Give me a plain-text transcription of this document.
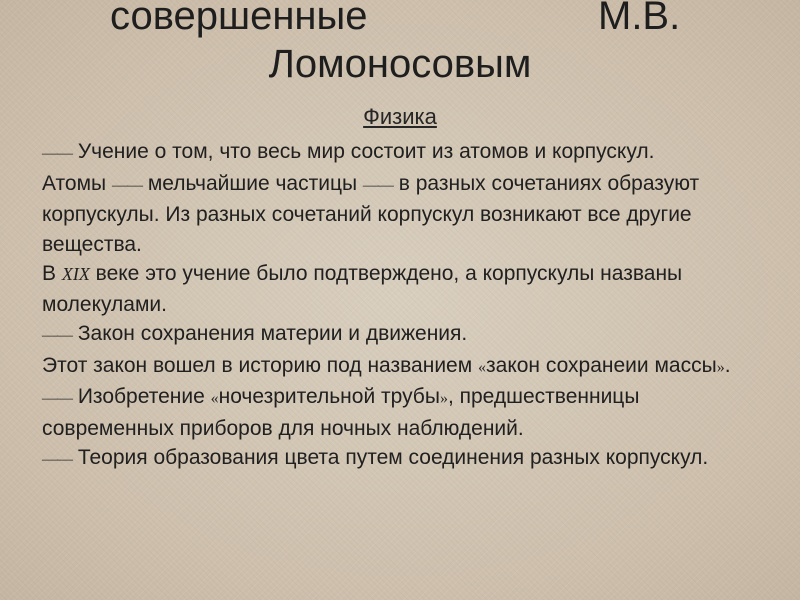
совершенные	М.В.
Ломоносовым
Физика

—— Учение о том, что весь мир состоит из атомов и корпускул.

Атомы —— мельчайшие частицы —— в разных сочетаниях образуют корпускулы. Из разных сочетаний корпускул возникают все другие вещества.

В XIX веке это учение было подтверждено, а корпускулы названы молекулами.

—— Закон сохранения материи и движения.

Этот закон вошел в историю под названием «закон сохранеии массы».

—— Изобретение «ночезрительной трубы», предшественницы современных приборов для ночных наблюдений.

—— Теория образования цвета путем соединения разных корпускул.
